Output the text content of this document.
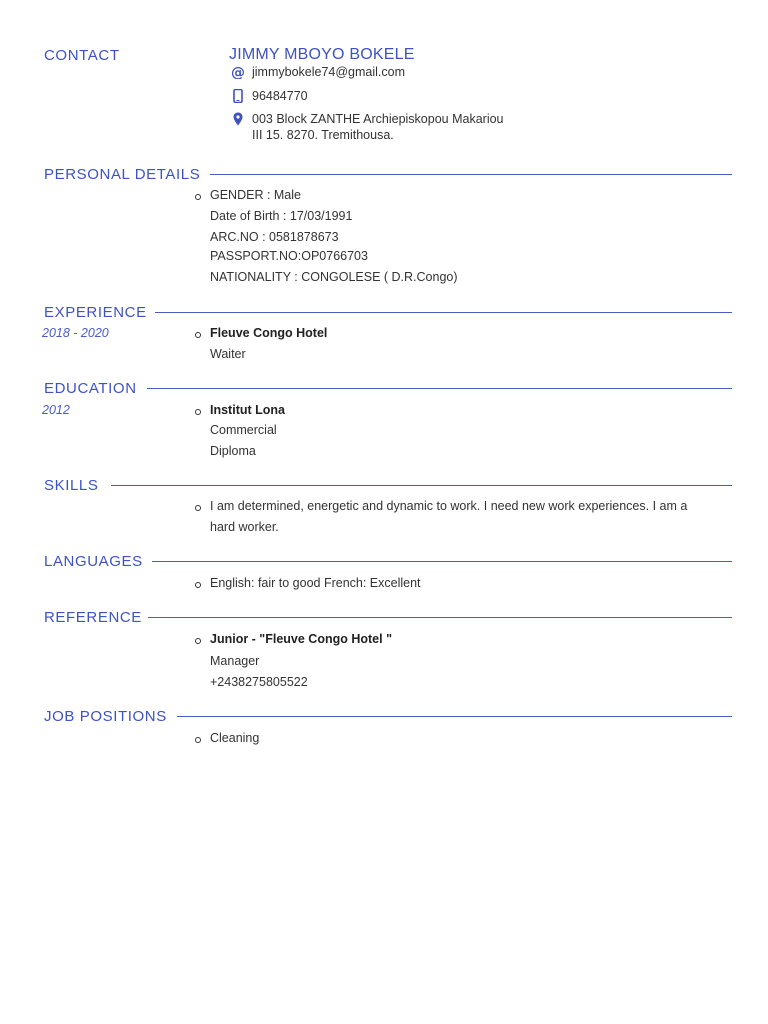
CONTACT	JIMMY MBOYO BOKELE
@ jimmybokele74@gmail.com
96484770
003 Block ZANTHE Archiepiskopou Makariou
III 15. 8270. Tremithousa.
PERSONAL DETAILS
GENDER : Male
Date of Birth : 17/03/1991
ARC.NO : 0581878673
PASSPORT.NO:OP0766703
NATIONALITY : CONGOLESE ( D.R.Congo)
EXPERIENCE
2018 - 2020	Fleuve Congo Hotel
Waiter
EDUCATION
2012	Institut Lona
Commercial
Diploma
SKILLS
I am determined, energetic and dynamic to work. I need new work experiences. I am a
hard worker.
LANGUAGES
English: fair to good French: Excellent
REFERENCE
Junior - "Fleuve Congo Hotel "
Manager
+2438275805522
JOB POSITIONS
Cleaning
